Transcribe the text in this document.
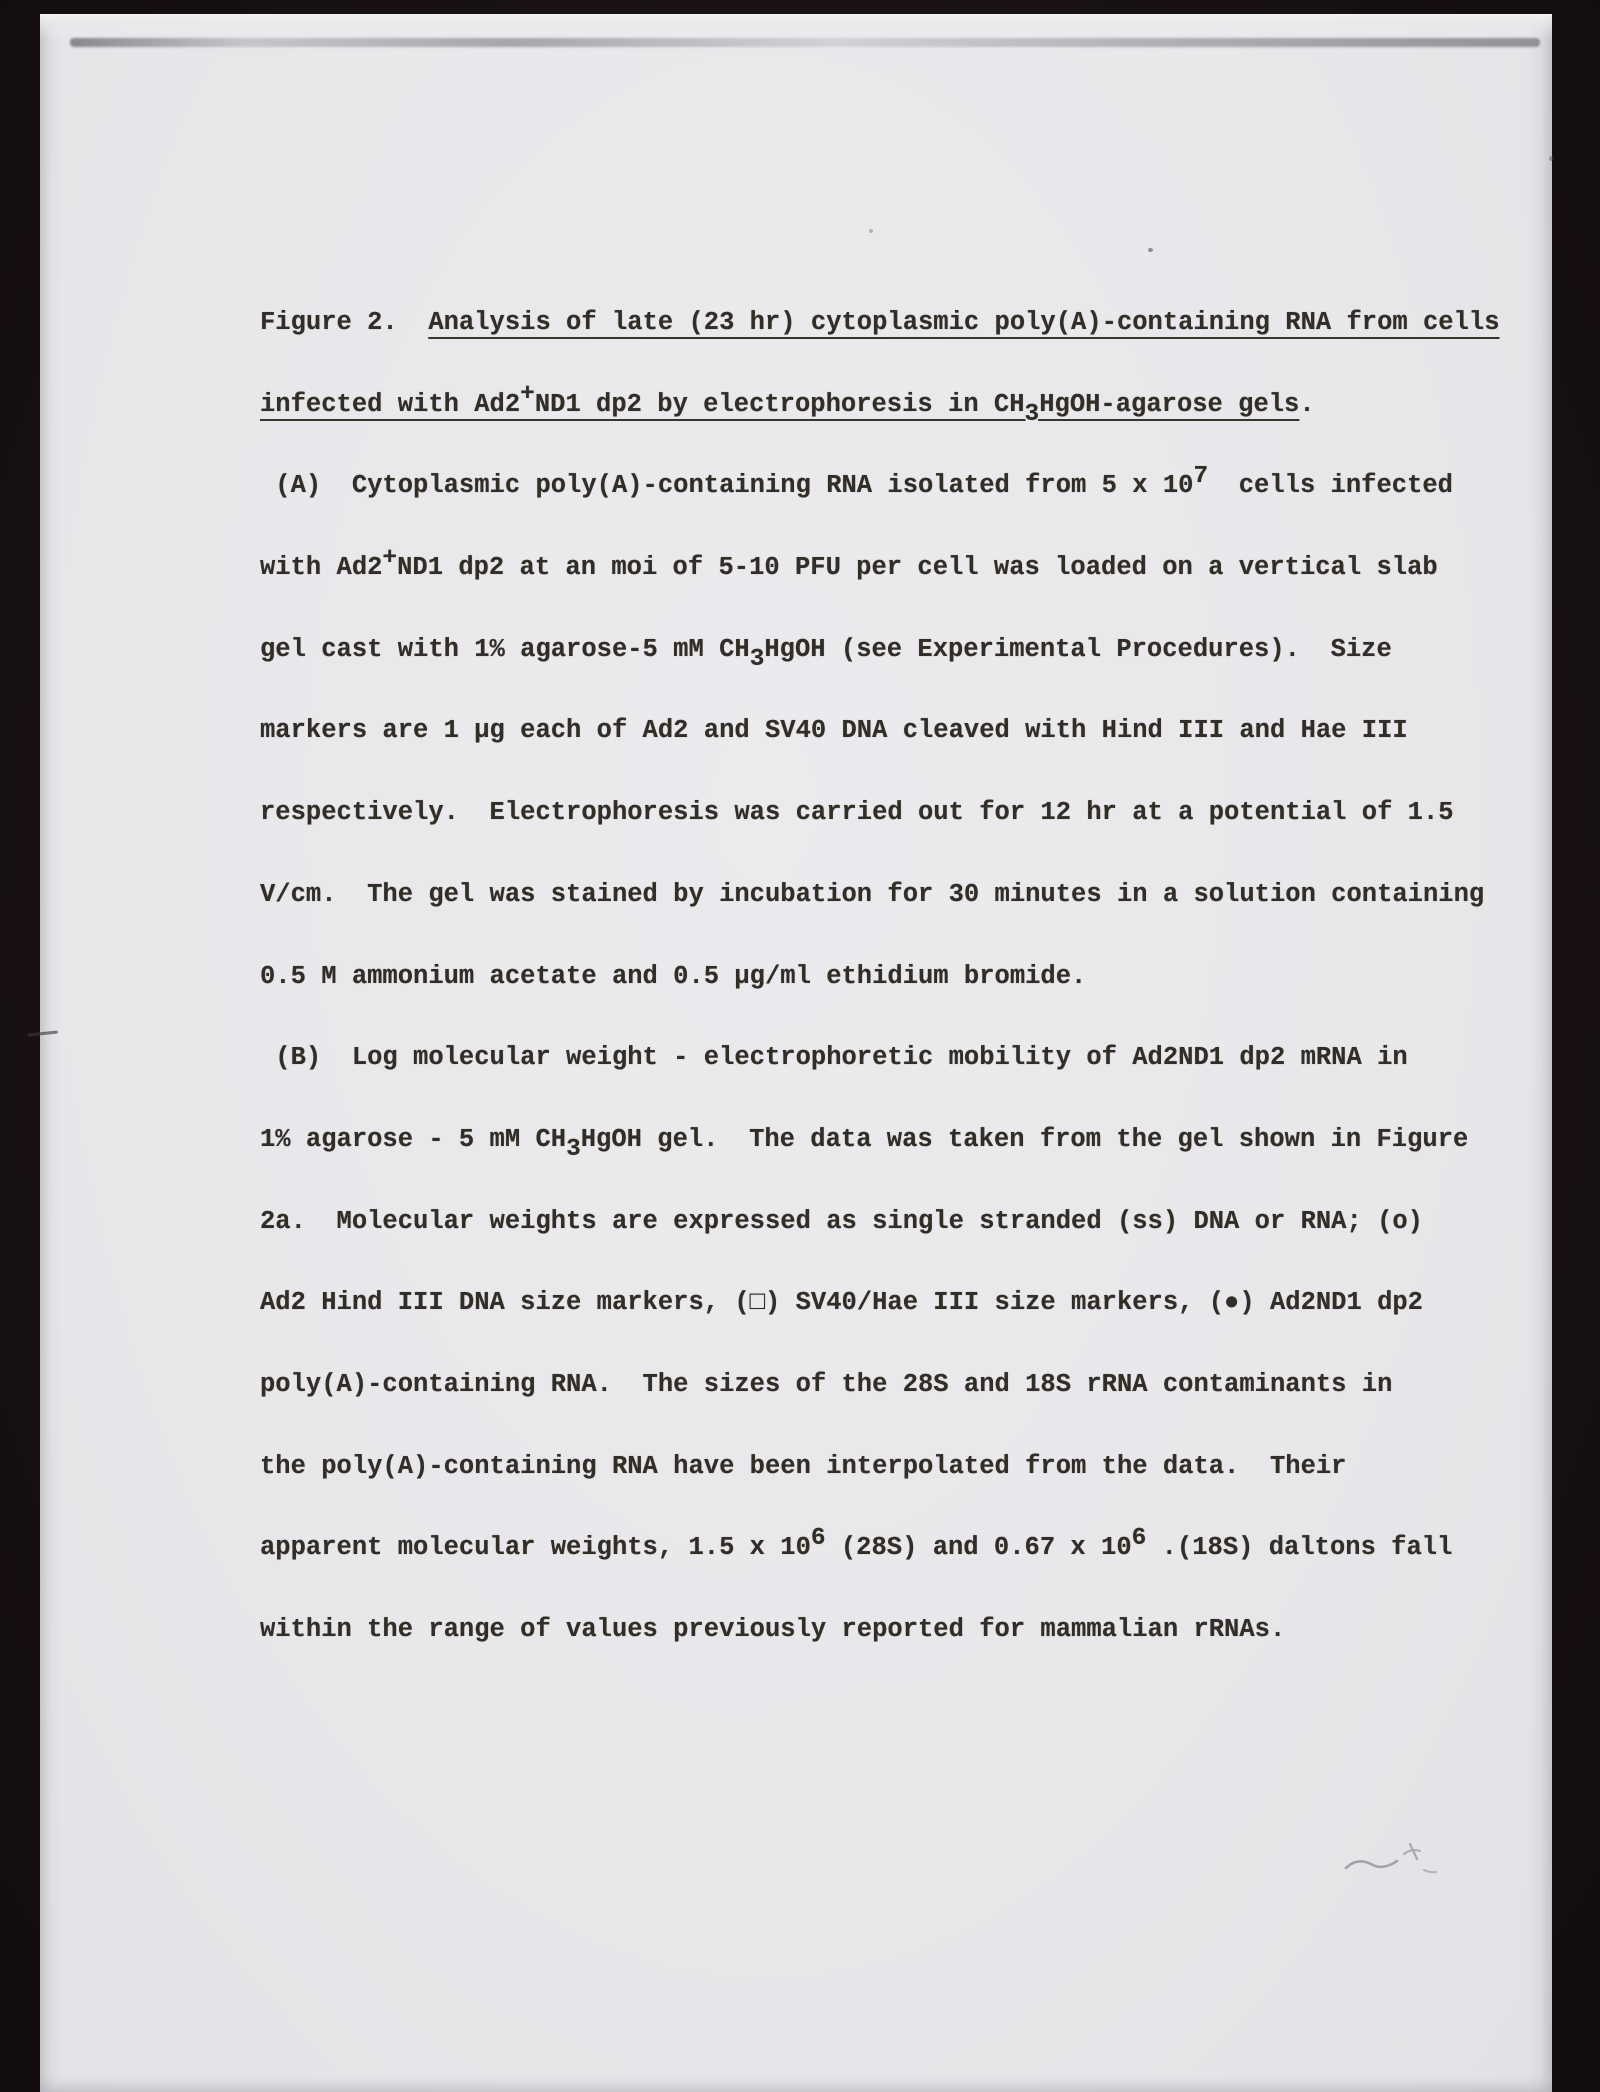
Figure 2.  Analysis of late (23 hr) cytoplasmic poly(A)-containing RNA from cells
infected with Ad2+ND1 dp2 by electrophoresis in CH3HgOH-agarose gels.
(A)  Cytoplasmic poly(A)-containing RNA isolated from 5 x 107  cells infected
with Ad2+ND1 dp2 at an moi of 5-10 PFU per cell was loaded on a vertical slab
gel cast with 1% agarose-5 mM CH3HgOH (see Experimental Procedures).  Size
markers are 1 µg each of Ad2 and SV40 DNA cleaved with Hind III and Hae III
respectively.  Electrophoresis was carried out for 12 hr at a potential of 1.5
V/cm.  The gel was stained by incubation for 30 minutes in a solution containing
0.5 M ammonium acetate and 0.5 µg/ml ethidium bromide.
(B)  Log molecular weight - electrophoretic mobility of Ad2ND1 dp2 mRNA in
1% agarose - 5 mM CH3HgOH gel.  The data was taken from the gel shown in Figure
2a.  Molecular weights are expressed as single stranded (ss) DNA or RNA; (o)
Ad2 Hind III DNA size markers, (□) SV40/Hae III size markers, (●) Ad2ND1 dp2
poly(A)-containing RNA.  The sizes of the 28S and 18S rRNA contaminants in
the poly(A)-containing RNA have been interpolated from the data.  Their
apparent molecular weights, 1.5 x 106 (28S) and 0.67 x 106 .(18S) daltons fall
within the range of values previously reported for mammalian rRNAs.
